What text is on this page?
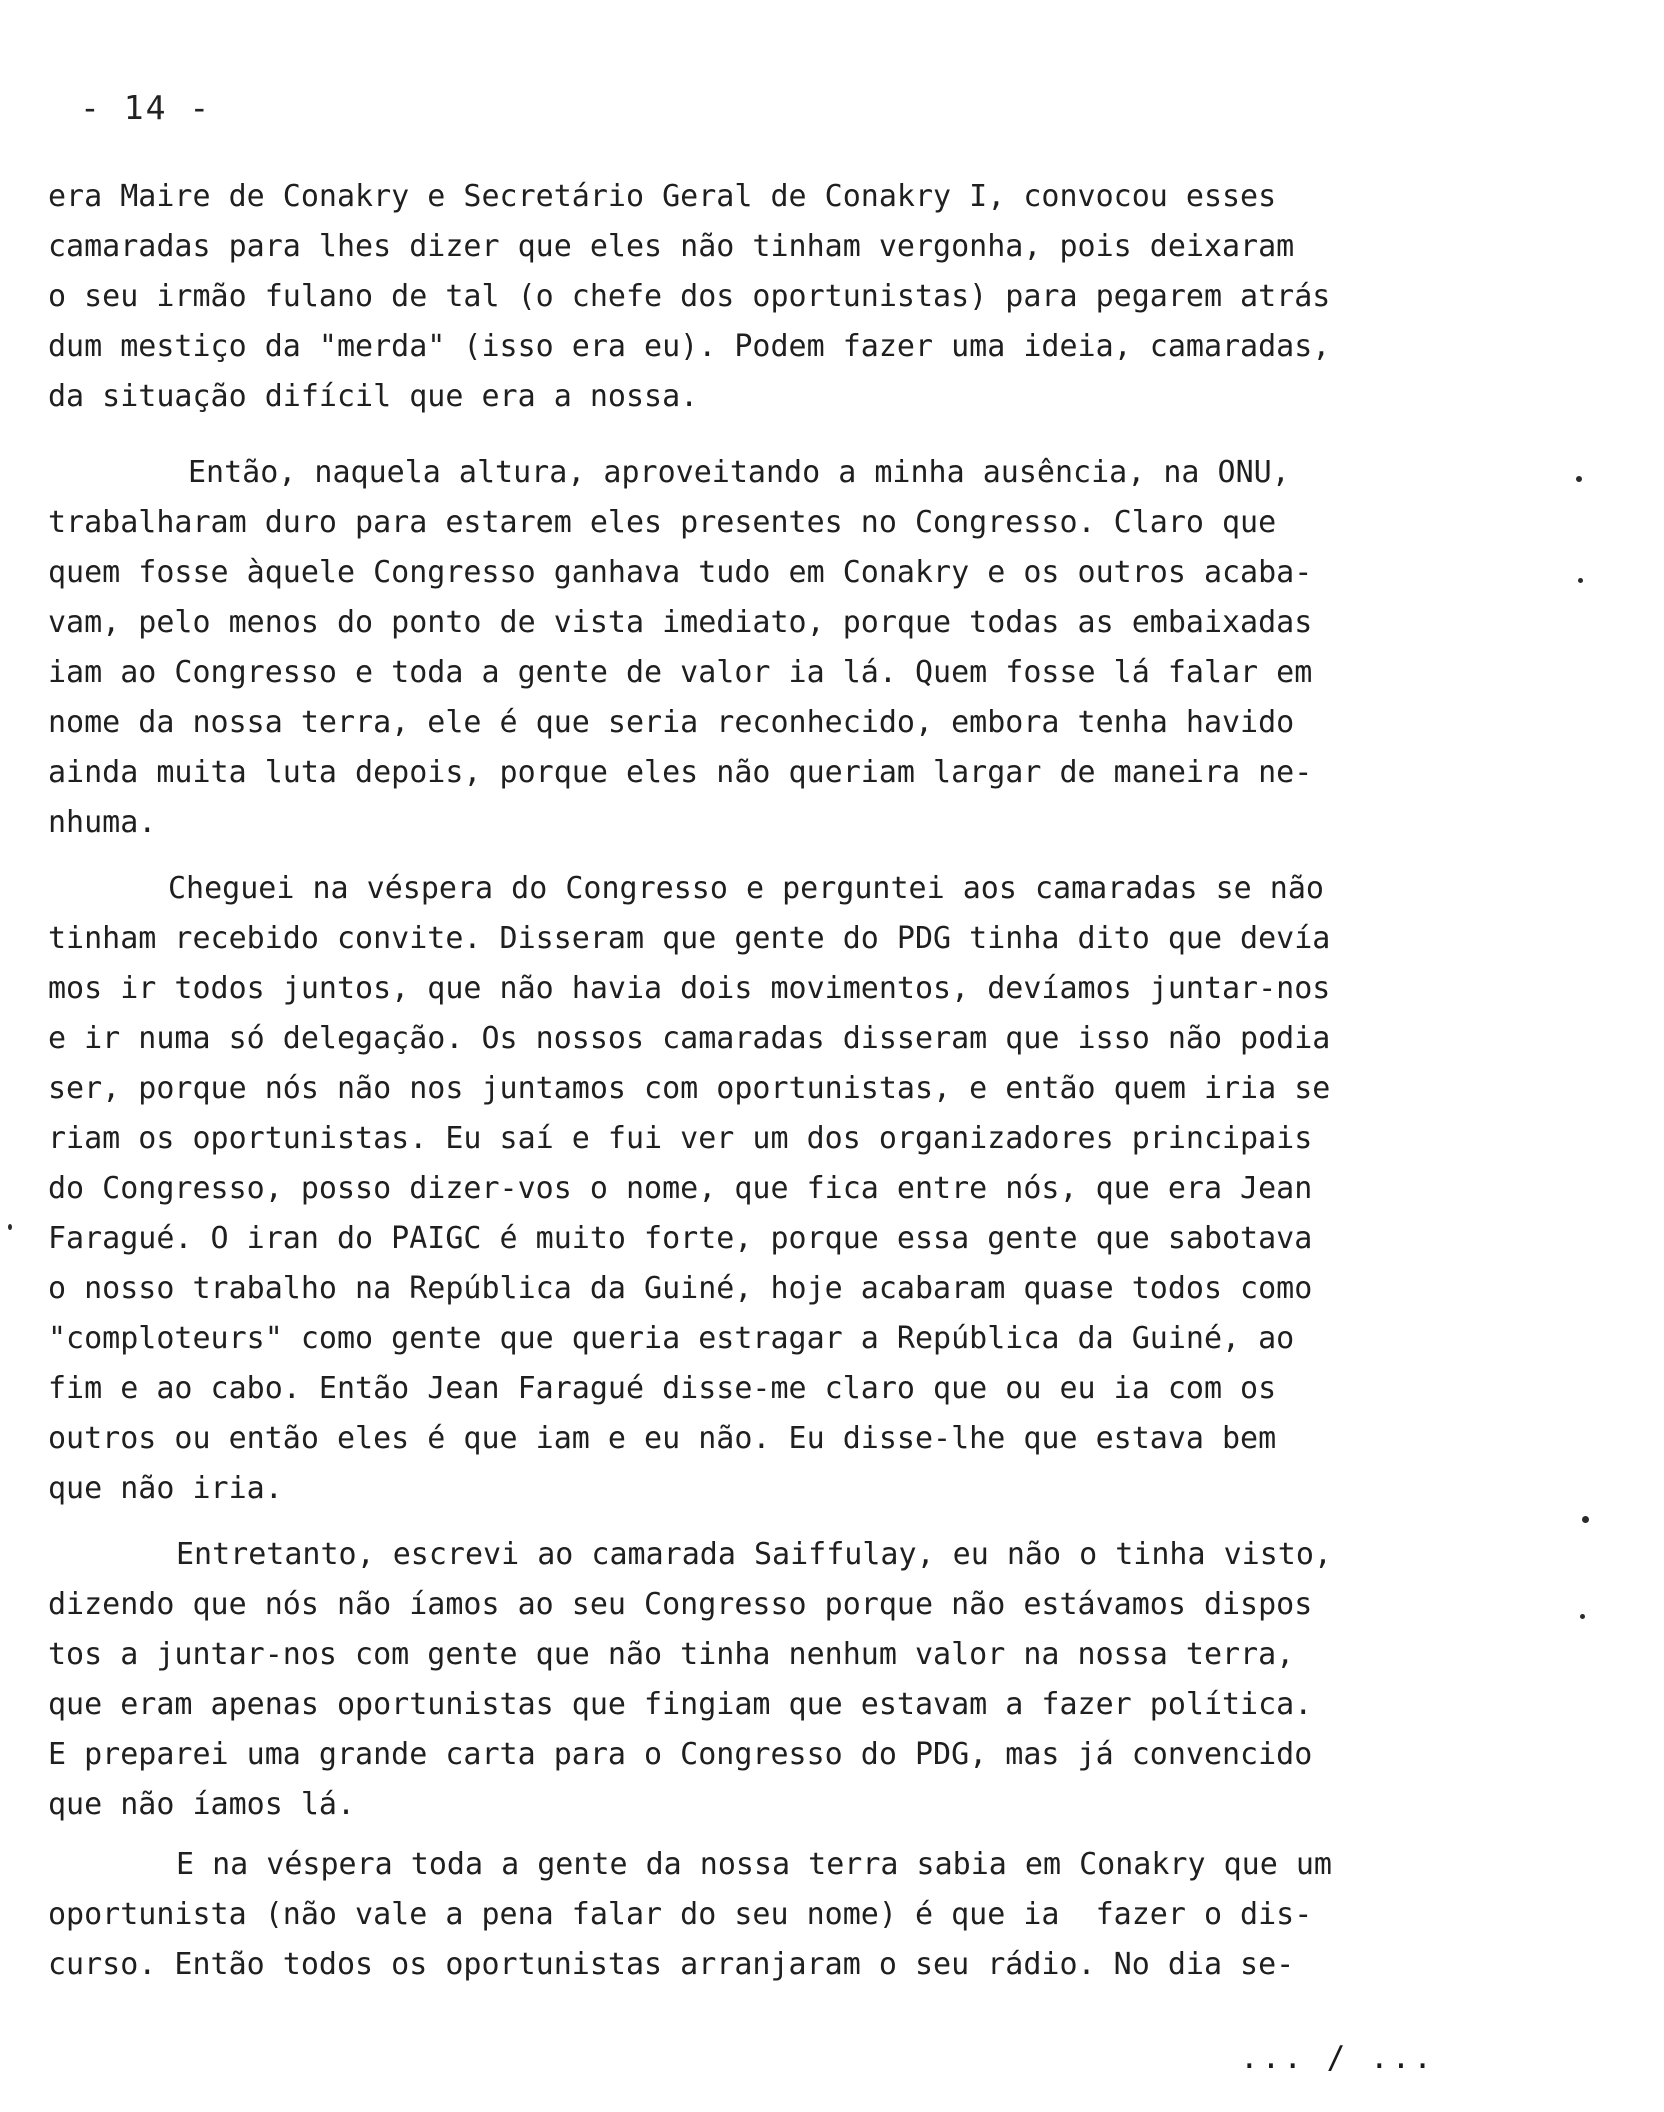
- 14 -
era Maire de Conakry e Secretário Geral de Conakry I, convocou esses
camaradas para lhes dizer que eles não tinham vergonha, pois deixaram
o seu irmão fulano de tal (o chefe dos oportunistas) para pegarem atrás
dum mestiço da "merda" (isso era eu). Podem fazer uma ideia, camaradas,
da situação difícil que era a nossa.
Então, naquela altura, aproveitando a minha ausência, na ONU,
trabalharam duro para estarem eles presentes no Congresso. Claro que
quem fosse àquele Congresso ganhava tudo em Conakry e os outros acaba-
vam, pelo menos do ponto de vista imediato, porque todas as embaixadas
iam ao Congresso e toda a gente de valor ia lá. Quem fosse lá falar em
nome da nossa terra, ele é que seria reconhecido, embora tenha havido
ainda muita luta depois, porque eles não queriam largar de maneira ne-
nhuma.
Cheguei na véspera do Congresso e perguntei aos camaradas se não
tinham recebido convite. Disseram que gente do PDG tinha dito que devía
mos ir todos juntos, que não havia dois movimentos, devíamos juntar-nos
e ir numa só delegação. Os nossos camaradas disseram que isso não podia
ser, porque nós não nos juntamos com oportunistas, e então quem iria se
riam os oportunistas. Eu saí e fui ver um dos organizadores principais
do Congresso, posso dizer-vos o nome, que fica entre nós, que era Jean
Faragué. O iran do PAIGC é muito forte, porque essa gente que sabotava
o nosso trabalho na República da Guiné, hoje acabaram quase todos como
"comploteurs" como gente que queria estragar a República da Guiné, ao
fim e ao cabo. Então Jean Faragué disse-me claro que ou eu ia com os
outros ou então eles é que iam e eu não. Eu disse-lhe que estava bem
que não iria.
Entretanto, escrevi ao camarada Saiffulay, eu não o tinha visto,
dizendo que nós não íamos ao seu Congresso porque não estávamos dispos
tos a juntar-nos com gente que não tinha nenhum valor na nossa terra,
que eram apenas oportunistas que fingiam que estavam a fazer política.
E preparei uma grande carta para o Congresso do PDG, mas já convencido
que não íamos lá.
E na véspera toda a gente da nossa terra sabia em Conakry que um
oportunista (não vale a pena falar do seu nome) é que ia  fazer o dis-
curso. Então todos os oportunistas arranjaram o seu rádio. No dia se-
... / ...
